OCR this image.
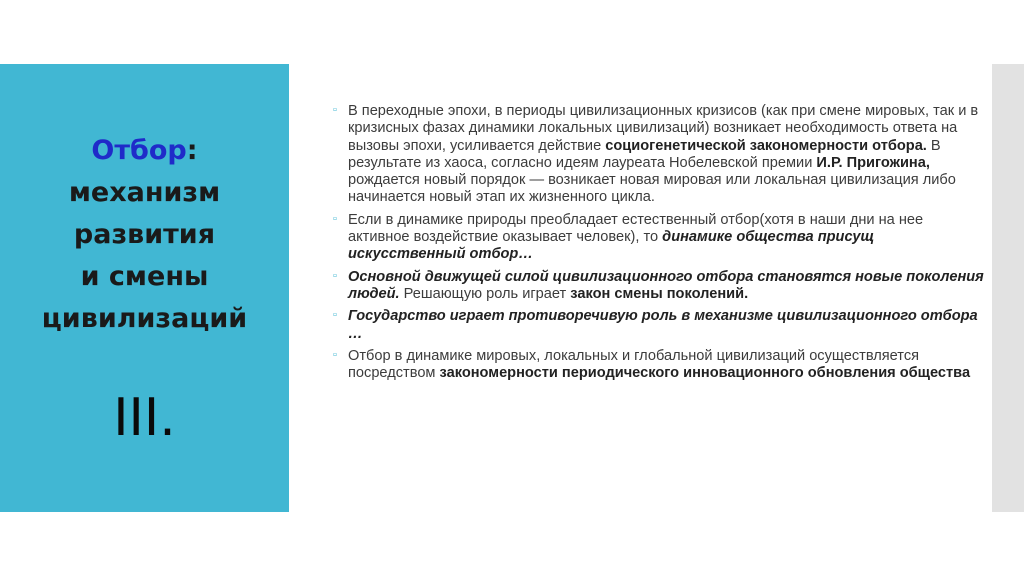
Отбор:
механизм
развития
и смены
цивилизаций
III.
▫ В переходные эпохи, в периоды цивилизационных кризисов (как при смене мировых, так и в кризисных фазах динамики локальных цивилизаций) возникает необходимость ответа на вызовы эпохи, усиливается действие социогенетической закономерности отбора. В результате из хаоса, согласно идеям лауреата Нобелевской премии И.Р. Пригожина, рождается новый порядок — возникает новая мировая или локальная цивилизация либо начинается новый этап их жизненного цикла.
▫ Если в динамике природы преобладает естественный отбор(хотя в наши дни на нее активное воздействие оказывает человек), то динамике общества присущ искусственный отбор…
▫ Основной движущей силой цивилизационного отбора становятся новые поколения людей. Решающую роль играет закон смены поколений.
▫ Государство играет противоречивую роль в механизме цивилизационного отбора …
▫ Отбор в динамике мировых, локальных и глобальной цивилизаций осуществляется посредством закономерности периодического инновационного обновления общества
